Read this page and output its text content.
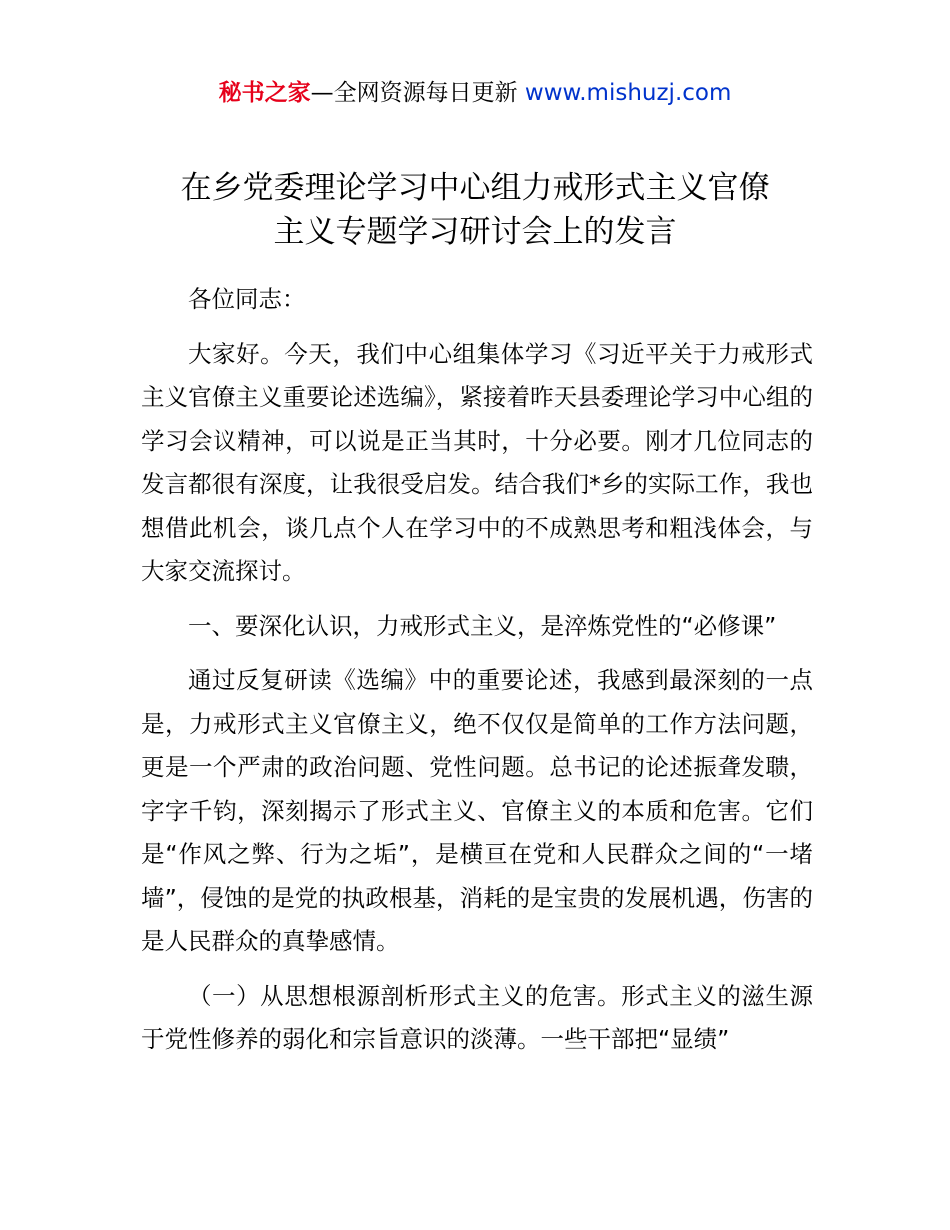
秘书之家—全网资源每日更新 www.mishuzj.com
在乡党委理论学习中心组力戒形式主义官僚
主义专题学习研讨会上的发言

各位同志：

大家好。今天，我们中心组集体学习《习近平关于力戒形式主义官僚主义重要论述选编》，紧接着昨天县委理论学习中心组的学习会议精神，可以说是正当其时，十分必要。刚才几位同志的发言都很有深度，让我很受启发。结合我们*乡的实际工作，我也想借此机会，谈几点个人在学习中的不成熟思考和粗浅体会，与大家交流探讨。

一、要深化认识，力戒形式主义，是淬炼党性的“必修课”

通过反复研读《选编》中的重要论述，我感到最深刻的一点是，力戒形式主义官僚主义，绝不仅仅是简单的工作方法问题，更是一个严肃的政治问题、党性问题。总书记的论述振聋发聩，字字千钧，深刻揭示了形式主义、官僚主义的本质和危害。它们是“作风之弊、行为之垢”，是横亘在党和人民群众之间的“一堵墙”，侵蚀的是党的执政根基，消耗的是宝贵的发展机遇，伤害的是人民群众的真挚感情。

（一）从思想根源剖析形式主义的危害。形式主义的滋生源于党性修养的弱化和宗旨意识的淡薄。一些干部把“显绩”
